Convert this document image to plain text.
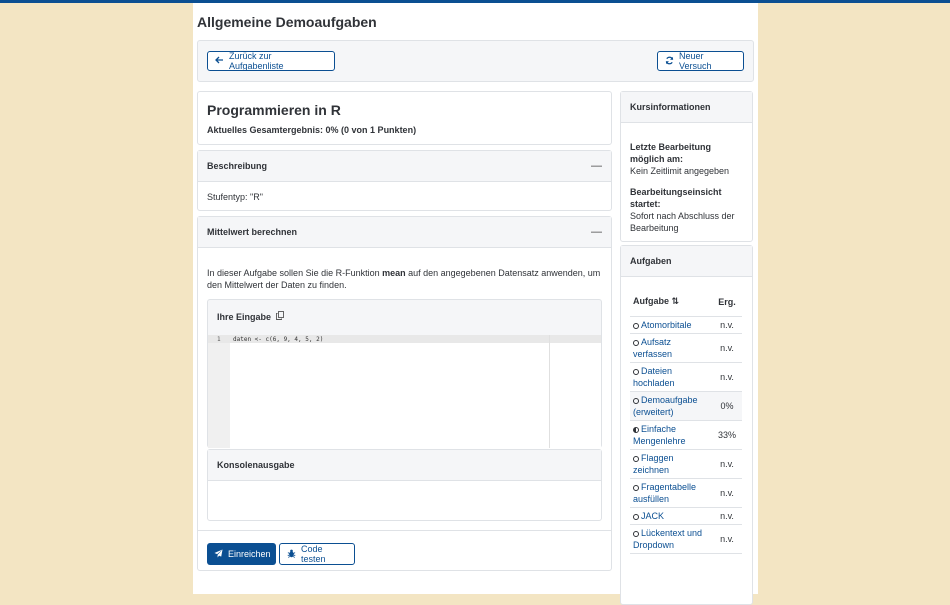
Allgemeine Demoaufgaben
Zurück zur Aufgabenliste
Neuer Versuch
Programmieren in R
Aktuelles Gesamtergebnis: 0% (0 von 1 Punkten)
Beschreibung	—
Stufentyp: "R"
Mittelwert berechnen	—
In dieser Aufgabe sollen Sie die R-Funktion mean auf den angegebenen Datensatz anwenden, um den Mittelwert der Daten zu finden.
Ihre Eingabe
1 daten <- c(6, 9, 4, 5, 2)
Konsolenausgabe
Einreichen	Code testen
Kursinformationen
Letzte Bearbeitung möglich am:
Kein Zeitlimit angegeben
Bearbeitungseinsicht startet:
Sofort nach Abschluss der Bearbeitung
Aufgaben
Aufgabe ⇅	Erg.
Atomorbitale	n.v.
Aufsatz verfassen	n.v.
Dateien hochladen	n.v.
Demoaufgabe (erweitert)	0%
Einfache Mengenlehre	33%
Flaggen zeichnen	n.v.
Fragentabelle ausfüllen	n.v.
JACK	n.v.
Lückentext und Dropdown	n.v.
